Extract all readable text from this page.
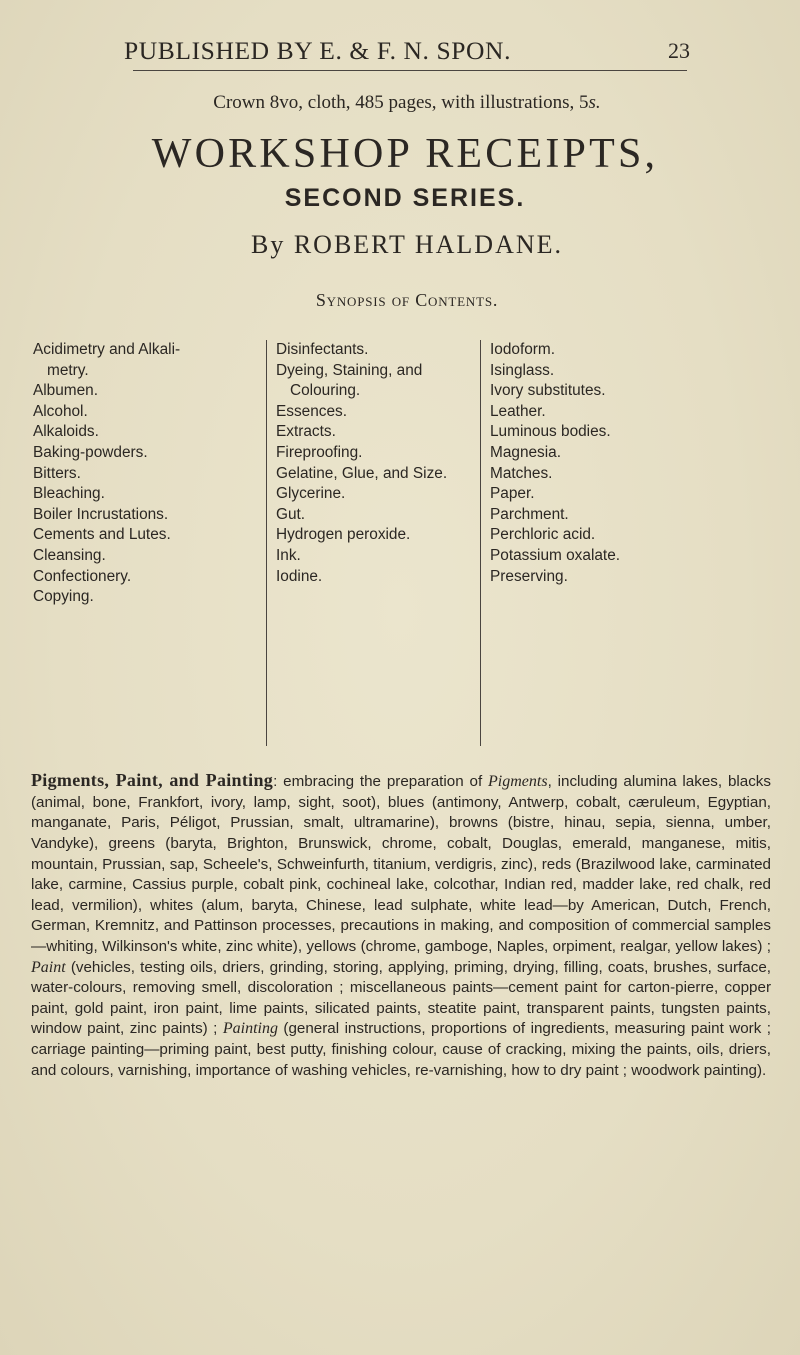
PUBLISHED BY E. & F. N. SPON.	23
Crown 8vo, cloth, 485 pages, with illustrations, 5s.
WORKSHOP RECEIPTS,
SECOND SERIES.
By ROBERT HALDANE.
Synopsis of Contents.
Acidimetry and Alkali-
metry.
Albumen.
Alcohol.
Alkaloids.
Baking-powders.
Bitters.
Bleaching.
Boiler Incrustations.
Cements and Lutes.
Cleansing.
Confectionery.
Copying.
Disinfectants.
Dyeing, Staining, and
Colouring.
Essences.
Extracts.
Fireproofing.
Gelatine, Glue, and Size.
Glycerine.
Gut.
Hydrogen peroxide.
Ink.
Iodine.
Iodoform.
Isinglass.
Ivory substitutes.
Leather.
Luminous bodies.
Magnesia.
Matches.
Paper.
Parchment.
Perchloric acid.
Potassium oxalate.
Preserving.

Pigments, Paint, and Painting: embracing the preparation of Pigments, including alumina lakes, blacks (animal, bone, Frankfort, ivory, lamp, sight, soot), blues (antimony, Antwerp, cobalt, cæruleum, Egyptian, manganate, Paris, Péligot, Prussian, smalt, ultramarine), browns (bistre, hinau, sepia, sienna, umber, Vandyke), greens (baryta, Brighton, Brunswick, chrome, cobalt, Douglas, emerald, manganese, mitis, mountain, Prussian, sap, Scheele's, Schweinfurth, titanium, verdigris, zinc), reds (Brazilwood lake, carminated lake, carmine, Cassius purple, cobalt pink, cochineal lake, colcothar, Indian red, madder lake, red chalk, red lead, vermilion), whites (alum, baryta, Chinese, lead sulphate, white lead—by American, Dutch, French, German, Kremnitz, and Pattinson processes, precautions in making, and composition of commercial samples—whiting, Wilkinson's white, zinc white), yellows (chrome, gamboge, Naples, orpiment, realgar, yellow lakes) ; Paint (vehicles, testing oils, driers, grinding, storing, applying, priming, drying, filling, coats, brushes, surface, water-colours, removing smell, discoloration ; miscellaneous paints—cement paint for carton-pierre, copper paint, gold paint, iron paint, lime paints, silicated paints, steatite paint, transparent paints, tungsten paints, window paint, zinc paints) ; Painting (general instructions, proportions of ingredients, measuring paint work ; carriage painting—priming paint, best putty, finishing colour, cause of cracking, mixing the paints, oils, driers, and colours, varnishing, importance of washing vehicles, re-varnishing, how to dry paint ; woodwork painting).
